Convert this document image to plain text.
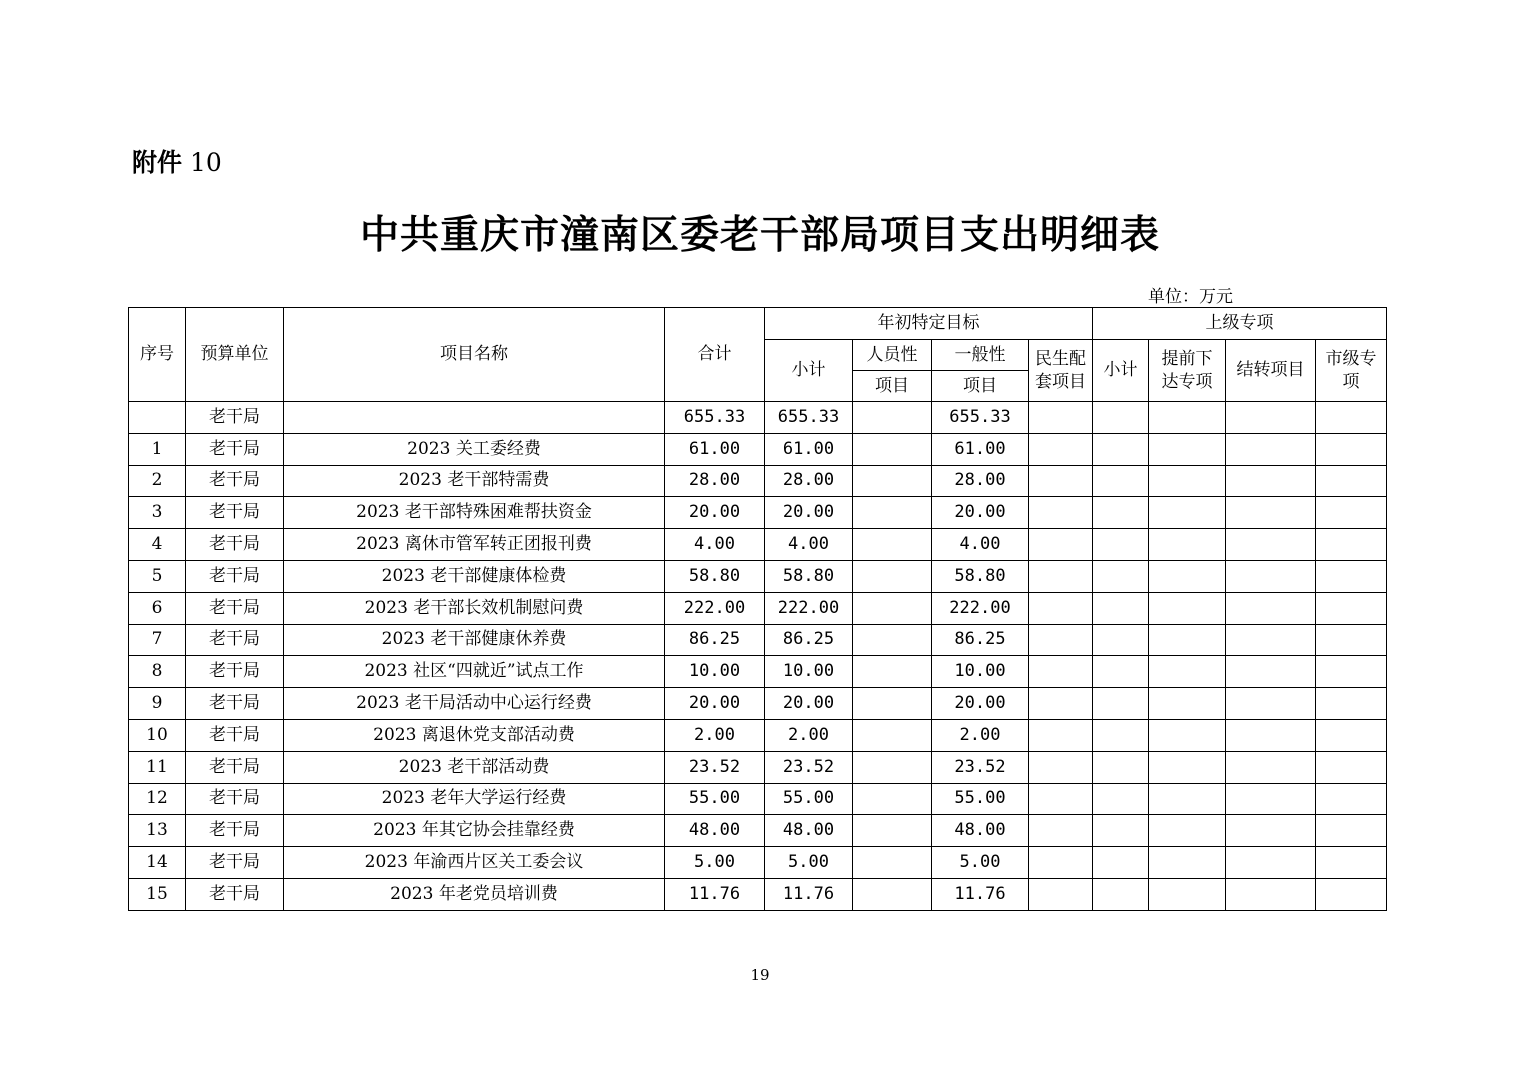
附件 10
中共重庆市潼南区委老干部局项目支出明细表
单位：万元
序号	预算单位	项目名称	合计	年初特定目标				上级专项			
				小计	人员性	一般性	民生配套项目	小计	提前下达专项	结转项目	市级专项
					项目	项目					
	老干局		655.33	655.33		655.33					
1	老干局	2023 关工委经费	61.00	61.00		61.00					
2	老干局	2023 老干部特需费	28.00	28.00		28.00					
3	老干局	2023 老干部特殊困难帮扶资金	20.00	20.00		20.00					
4	老干局	2023 离休市管军转正团报刊费	4.00	4.00		4.00					
5	老干局	2023 老干部健康体检费	58.80	58.80		58.80					
6	老干局	2023 老干部长效机制慰问费	222.00	222.00		222.00					
7	老干局	2023 老干部健康休养费	86.25	86.25		86.25					
8	老干局	2023 社区“四就近”试点工作	10.00	10.00		10.00					
9	老干局	2023 老干局活动中心运行经费	20.00	20.00		20.00					
10	老干局	2023 离退休党支部活动费	2.00	2.00		2.00					
11	老干局	2023 老干部活动费	23.52	23.52		23.52					
12	老干局	2023 老年大学运行经费	55.00	55.00		55.00					
13	老干局	2023 年其它协会挂靠经费	48.00	48.00		48.00					
14	老干局	2023 年渝西片区关工委会议	5.00	5.00		5.00					
15	老干局	2023 年老党员培训费	11.76	11.76		11.76					
19
